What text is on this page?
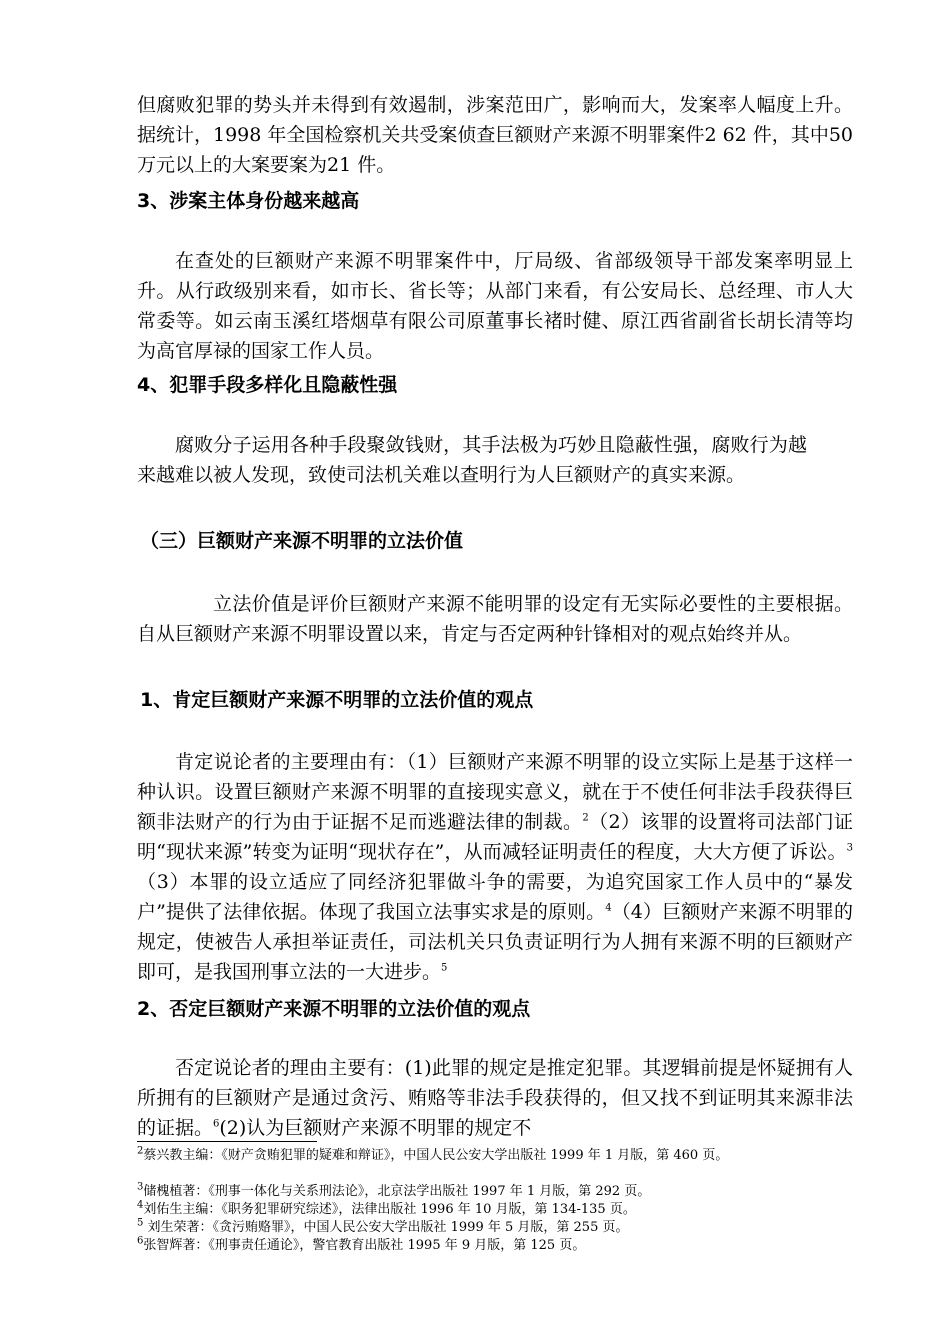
但腐败犯罪的势头并未得到有效遏制，涉案范田广，影响而大，发案率人幅度上升。据统计，1998 年全国检察机关共受案侦查巨额财产来源不明罪案件2 62 件，其中50 万元以上的大案要案为21 件。

3、涉案主体身份越来越高

在查处的巨额财产来源不明罪案件中，厅局级、省部级领导干部发案率明显上升。从行政级别来看，如市长、省长等；从部门来看，有公安局长、总经理、市人大常委等。如云南玉溪红塔烟草有限公司原董事长褚时健、原江西省副省长胡长清等均为高官厚禄的国家工作人员。

4、犯罪手段多样化且隐蔽性强

腐败分子运用各种手段聚敛钱财，其手法极为巧妙且隐蔽性强，腐败行为越来越难以被人发现，致使司法机关难以查明行为人巨额财产的真实来源。

（三）巨额财产来源不明罪的立法价值

立法价值是评价巨额财产来源不能明罪的设定有无实际必要性的主要根据。自从巨额财产来源不明罪设置以来，肯定与否定两种针锋相对的观点始终并从。

1、肯定巨额财产来源不明罪的立法价值的观点

肯定说论者的主要理由有：（1）巨额财产来源不明罪的设立实际上是基于这样一种认识。设置巨额财产来源不明罪的直接现实意义，就在于不使任何非法手段获得巨额非法财产的行为由于证据不足而逃避法律的制裁。$^2$（2）该罪的设置将司法部门证明“现状来源”转变为证明“现状存在”，从而减轻证明责任的程度，大大方便了诉讼。$^3$（3）本罪的设立适应了同经济犯罪做斗争的需要，为追究国家工作人员中的“暴发户”提供了法律依据。体现了我国立法事实求是的原则。$^4$（4）巨额财产来源不明罪的规定，使被告人承担举证责任，司法机关只负责证明行为人拥有来源不明的巨额财产即可，是我国刑事立法的一大进步。$^5$

2、否定巨额财产来源不明罪的立法价值的观点

否定说论者的理由主要有：(1)此罪的规定是推定犯罪。其逻辑前提是怀疑拥有人所拥有的巨额财产是通过贪污、贿赂等非法手段获得的，但又找不到证明其来源非法的证据。$^6$(2)认为巨额财产来源不明罪的规定不

$^2$蔡兴教主编：《财产贪贿犯罪的疑难和辩证》，中国人民公安大学出版社 1999 年 1 月版，第 460 页。

$^3$储槐植著：《刑事一体化与关系刑法论》，北京法学出版社 1997 年 1 月版，第 292 页。

$^4$刘佑生主编：《职务犯罪研究综述》，法律出版社 1996 年 10 月版，第 134-135 页。

$^5$ 刘生荣著：《贪污贿赂罪》，中国人民公安大学出版社 1999 年 5 月版，第 255 页。

$^6$张智辉著：《刑事责任通论》，警官教育出版社 1995 年 9 月版，第 125 页。
